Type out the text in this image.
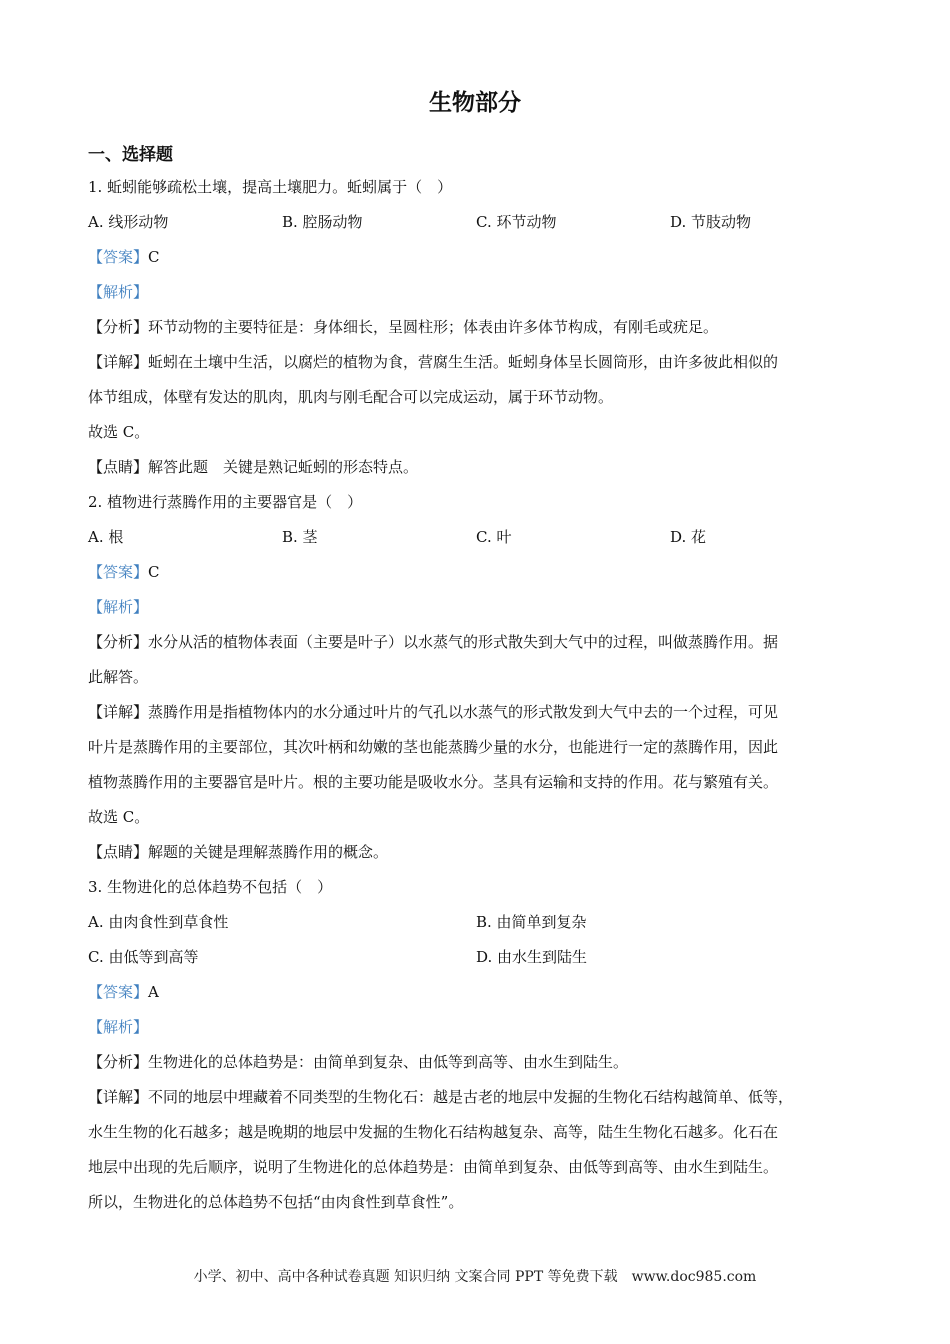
生物部分
一、选择题

1. 蚯蚓能够疏松土壤，提高土壤肥力。蚯蚓属于（　）

A. 线形动物	B. 腔肠动物	C. 环节动物	D. 节肢动物

【答案】C

【解析】

【分析】环节动物的主要特征是：身体细长，呈圆柱形；体表由许多体节构成，有刚毛或疣足。

【详解】蚯蚓在土壤中生活，以腐烂的植物为食，营腐生生活。蚯蚓身体呈长圆筒形，由许多彼此相似的

体节组成，体壁有发达的肌肉，肌肉与刚毛配合可以完成运动，属于环节动物。

故选 C。

【点睛】解答此题　关键是熟记蚯蚓的形态特点。

2. 植物进行蒸腾作用的主要器官是（　）

A. 根	B. 茎	C. 叶	D. 花

【答案】C

【解析】

【分析】水分从活的植物体表面（主要是叶子）以水蒸气的形式散失到大气中的过程，叫做蒸腾作用。据

此解答。

【详解】蒸腾作用是指植物体内的水分通过叶片的气孔以水蒸气的形式散发到大气中去的一个过程，可见

叶片是蒸腾作用的主要部位，其次叶柄和幼嫩的茎也能蒸腾少量的水分，也能进行一定的蒸腾作用，因此

植物蒸腾作用的主要器官是叶片。根的主要功能是吸收水分。茎具有运输和支持的作用。花与繁殖有关。

故选 C。

【点睛】解题的关键是理解蒸腾作用的概念。

3. 生物进化的总体趋势不包括（　）

A. 由肉食性到草食性	B. 由简单到复杂
C. 由低等到高等	D. 由水生到陆生

【答案】A

【解析】

【分析】生物进化的总体趋势是：由简单到复杂、由低等到高等、由水生到陆生。

【详解】不同的地层中埋藏着不同类型的生物化石：越是古老的地层中发掘的生物化石结构越简单、低等，

水生生物的化石越多；越是晚期的地层中发掘的生物化石结构越复杂、高等，陆生生物化石越多。化石在

地层中出现的先后顺序，说明了生物进化的总体趋势是：由简单到复杂、由低等到高等、由水生到陆生。

所以，生物进化的总体趋势不包括“由肉食性到草食性”。

小学、初中、高中各种试卷真题 知识归纳 文案合同 PPT 等免费下载　www.doc985.com
